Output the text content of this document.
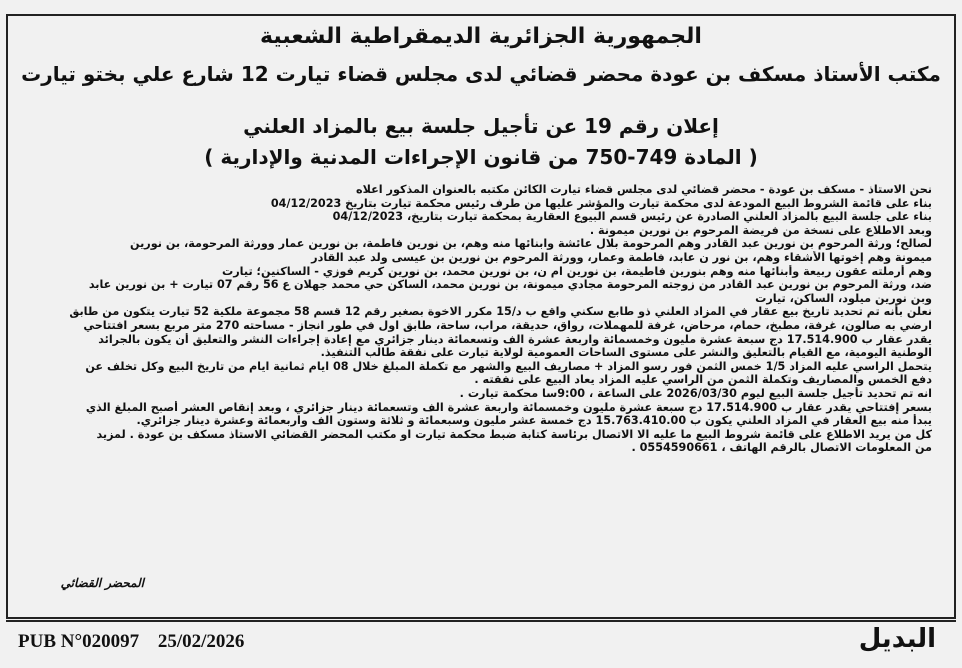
الجمهورية الجزائرية الديمقراطية الشعبية
مكتب الأستاذ مسكف بن عودة محضر قضائي لدى مجلس قضاء تيارت 12 شارع علي بختو تيارت
إعلان رقم 19 عن تأجيل جلسة بيع بالمزاد العلني
( المادة 749-750 من قانون الإجراءات المدنية والإدارية )

نحن الاستاذ - مسكف بن عودة - محضر قضائي لدى مجلس قضاء تيارت الكائن مكتبه بالعنوان المذكور اعلاه

بناء على قائمة الشروط البيع المودعة لدى محكمة تيارت والمؤشر عليها من طرف رئيس محكمة تيارت بتاريخ 04/12/2023

بناء على جلسة البيع بالمزاد العلني الصادرة عن رئيس قسم البيوع العقارية بمحكمة تيارت بتاريخ، 04/12/2023

وبعد الاطلاع على نسخة من فريضة المرحوم بن نورين ميمونة .

لصالح؛ ورثة المرحوم بن نورين عبد القادر وهم المرحومة بلال عائشة وابنائها منه وهم، بن نورين فاطمة، بن نورين عمار وورثة المرحومة، بن نورين

ميمونة وهم إخوتها الأشقاء وهم، بن نور ن عابد، فاطمة وعمار، وورثة المرحوم بن نورين بن عيسى ولد عبد القادر

وهم أرملته عقون ربيعة وأبنائها منه وهم بنورين فاطيمة، بن نورين ام ن، بن نورين محمد، بن نورين كريم فوزي - الساكنين؛ تيارت

ضد، ورثة المرحوم بن نورين عبد القادر من زوجته المرحومة مجادي ميمونة، بن نورين محمد، الساكن حي محمد جهلان ع 56 رقم 07 تيارت + بن نورين عابد

وبن نورين ميلود، الساكن، تيارت

نعلن بأنه تم تحديد تاريخ بيع عقار في المزاد العلني ذو طابع سكني واقع ب د/15 مكرر الاخوة بصغير رقم 12 قسم 58 مجموعة ملكية 52 تيارت يتكون من طابق

ارضي به صالون، غرفة، مطبخ، حمام، مرحاض، غرفة للمهملات، رواق، حديقة، مراب، ساحة، طابق اول في طور انجاز - مساحته 270 متر مربع بسعر افتتاحي

يقدر عقار ب 17.514.900 دج سبعة عشرة مليون وخمسمائة واربعة عشرة الف وتسعمائة دينار جزائري مع إعادة إجراءات النشر والتعليق أن يكون بالجرائد

الوطنية اليومية، مع القيام بالتعليق والنشر على مستوى الساحات العمومية لولاية تيارت على نفقة طالب التنفيذ.

يتحمل الراسي عليه المزاد 1/5 خمس الثمن فور رسو المزاد + مصاريف البيع والشهر مع تكملة المبلغ خلال 08 ايام ثمانية ايام من تاريخ البيع وكل تخلف عن

دفع الخمس والمصاريف وتكملة الثمن من الراسي عليه المزاد يعاد البيع على نفقته .

انه تم تحديد تأجيل جلسة البيع ليوم 2026/03/30 على الساعة ، 9:00سا محكمة تيارت .

بسعر إفتتاحي يقدر عقار ب 17.514.900 دج سبعة عشرة مليون وخمسمائة واربعة عشرة الف وتسعمائة دينار جزائري ، وبعد إنقاص العشر أصبح المبلغ الذي

يبدأ منه بيع العقار في المزاد العلني يكون ب 15.763.410.00 دج خمسة عشر مليون وسبعمائة و ثلاثة وستون الف واربعمائة وعشرة دينار جزائري.

كل من يريد الاطلاع على قائمة شروط البيع ما عليه الا الاتصال برئاسة كتابة ضبط محكمة تيارت او مكتب المحضر القضائي الاستاذ مسكف بن عودة . لمزيد

من المعلومات الاتصال بالرقم الهاتف ، 0554590661 .

المحضر القضائي
PUB N°020097 25/02/2026	البديل
